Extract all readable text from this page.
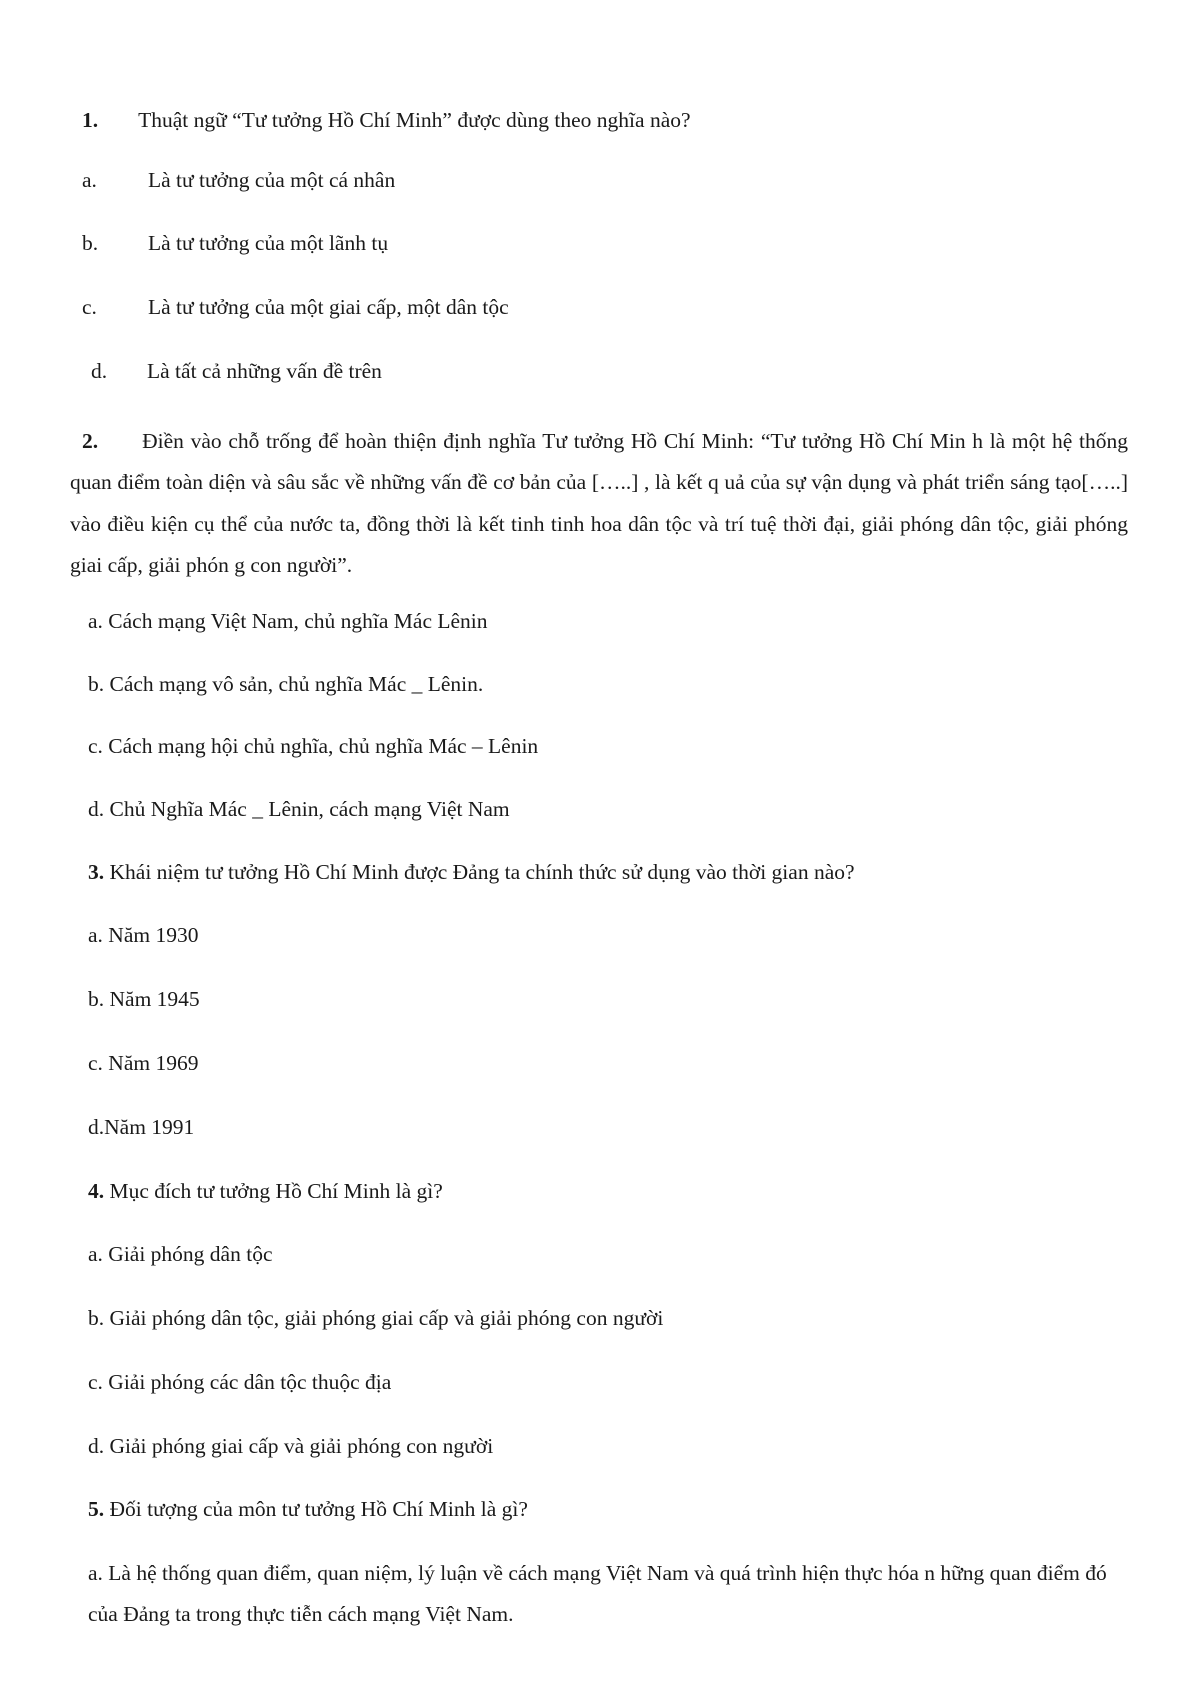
1. Thuật ngữ “Tư tưởng Hồ Chí Minh” được dùng theo nghĩa nào?
a. Là tư tưởng của một cá nhân
b. Là tư tưởng của một lãnh tụ
c. Là tư tưởng của một giai cấp, một dân tộc
d. Là tất cả những vấn đề trên
2. Điền vào chỗ trống để hoàn thiện định nghĩa Tư tưởng Hồ Chí Minh: “Tư tưởng Hồ Chí Min h là một hệ thống quan điểm toàn diện và sâu sắc về những vấn đề cơ bản của […..] , là kết q uả của sự vận dụng và phát triển sáng tạo[…..] vào điều kiện cụ thể của nước ta, đồng thời là kết tinh tinh hoa dân tộc và trí tuệ thời đại, giải phóng dân tộc, giải phóng giai cấp, giải phón g con người”.
a. Cách mạng Việt Nam, chủ nghĩa Mác Lênin
b. Cách mạng vô sản, chủ nghĩa Mác _ Lênin.
c. Cách mạng hội chủ nghĩa, chủ nghĩa Mác – Lênin
d. Chủ Nghĩa Mác _ Lênin, cách mạng Việt Nam
3. Khái niệm tư tưởng Hồ Chí Minh được Đảng ta chính thức sử dụng vào thời gian nào?
a. Năm 1930
b. Năm 1945
c. Năm 1969
d.Năm 1991
4. Mục đích tư tưởng Hồ Chí Minh là gì?
a. Giải phóng dân tộc
b. Giải phóng dân tộc, giải phóng giai cấp và giải phóng con người
c. Giải phóng các dân tộc thuộc địa
d. Giải phóng giai cấp và giải phóng con người
5. Đối tượng của môn tư tưởng Hồ Chí Minh là gì?
a. Là hệ thống quan điểm, quan niệm, lý luận về cách mạng Việt Nam và quá trình hiện thực hóa n hững quan điểm đó của Đảng ta trong thực tiễn cách mạng Việt Nam.
